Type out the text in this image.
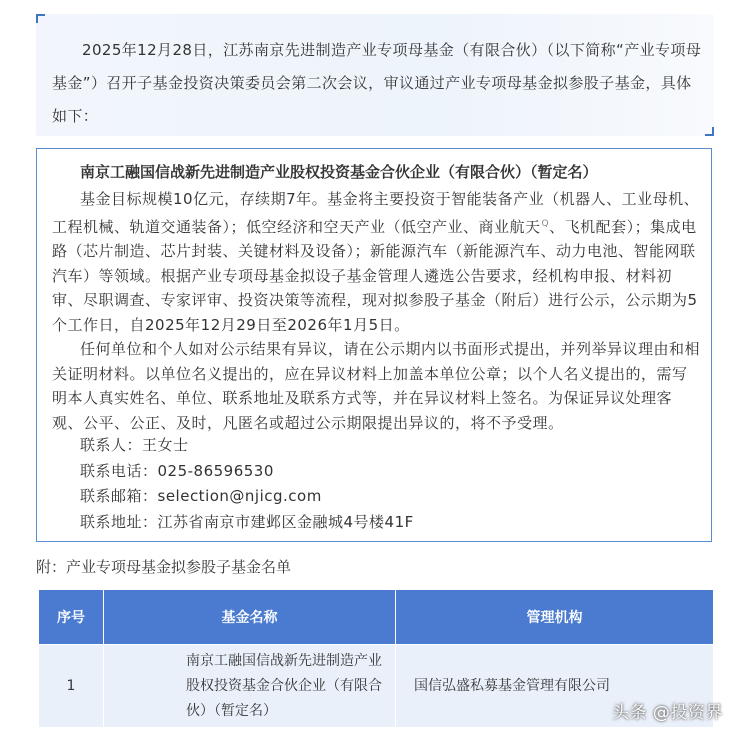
2025年12月28日，江苏南京先进制造产业专项母基金（有限合伙）（以下简称“产业专项母基金”）召开子基金投资决策委员会第二次会议，审议通过产业专项母基金拟参股子基金，具体如下：

南京工融国信战新先进制造产业股权投资基金合伙企业（有限合伙）（暂定名）

基金目标规模10亿元，存续期7年。基金将主要投资于智能装备产业（机器人、工业母机、工程机械、轨道交通装备）；低空经济和空天产业（低空产业、商业航天$^Q$、飞机配套）；集成电路（芯片制造、芯片封装、关键材料及设备）；新能源汽车（新能源汽车、动力电池、智能网联汽车）等领域。根据产业专项母基金拟设子基金管理人遴选公告要求，经机构申报、材料初审、尽职调查、专家评审、投资决策等流程，现对拟参股子基金（附后）进行公示，公示期为5个工作日，自2025年12月29日至2026年1月5日。

任何单位和个人如对公示结果有异议，请在公示期内以书面形式提出，并列举异议理由和相关证明材料。以单位名义提出的，应在异议材料上加盖本单位公章；以个人名义提出的，需写明本人真实姓名、单位、联系地址及联系方式等，并在异议材料上签名。为保证异议处理客观、公平、公正、及时，凡匿名或超过公示期限提出异议的，将不予受理。

联系人：王女士

联系电话：025-86596530

联系邮箱：selection@njicg.com

联系地址：江苏省南京市建邺区金融城4号楼41F

附：产业专项母基金拟参股子基金名单

序号	基金名称	管理机构
1	南京工融国信战新先进制造产业股权投资基金合伙企业（有限合伙）（暂定名）	国信弘盛私募基金管理有限公司

头条 @投资界
